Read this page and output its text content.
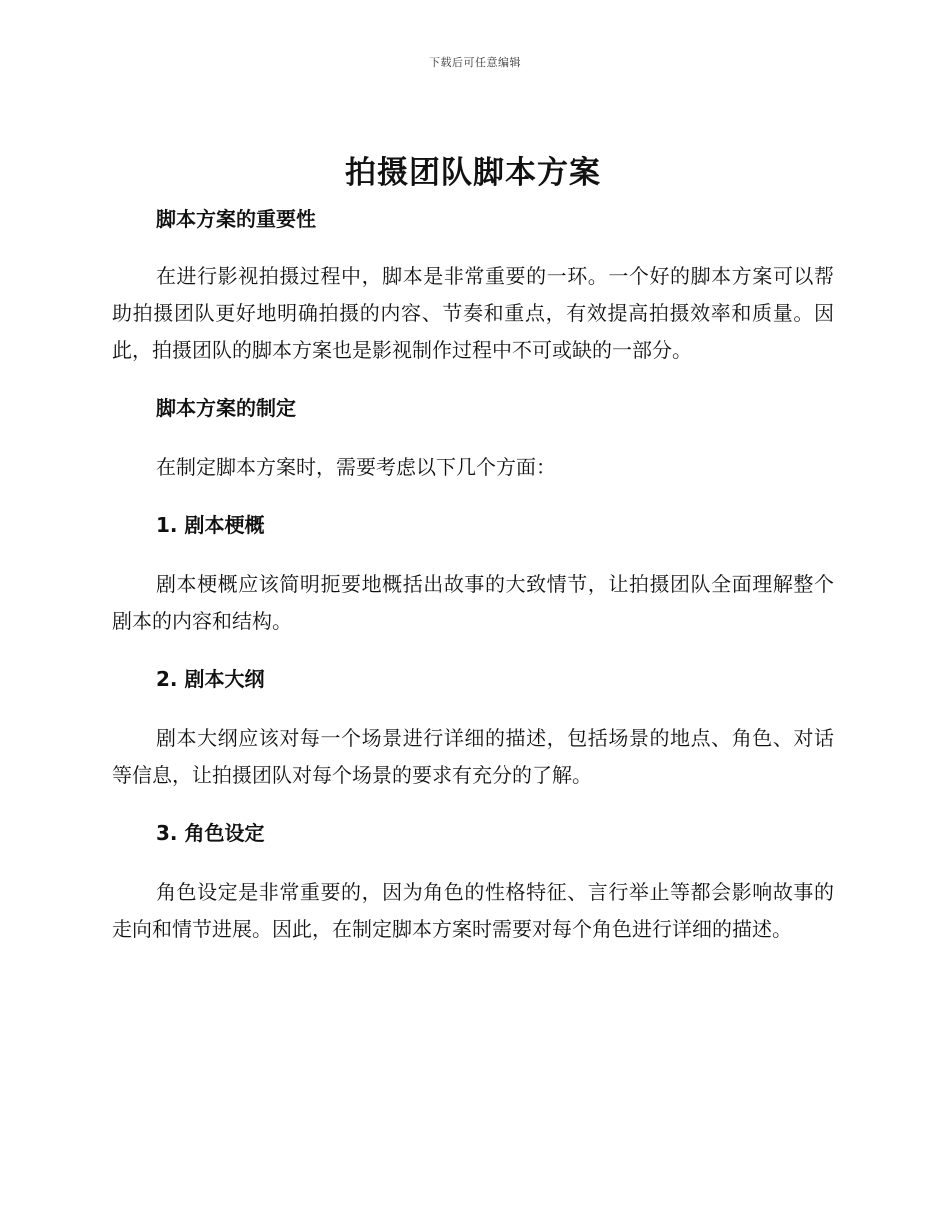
下载后可任意编辑
拍摄团队脚本方案
脚本方案的重要性

在进行影视拍摄过程中，脚本是非常重要的一环。一个好的脚本方案可以帮助拍摄团队更好地明确拍摄的内容、节奏和重点，有效提高拍摄效率和质量。因此，拍摄团队的脚本方案也是影视制作过程中不可或缺的一部分。

脚本方案的制定

在制定脚本方案时，需要考虑以下几个方面：

1. 剧本梗概

剧本梗概应该简明扼要地概括出故事的大致情节，让拍摄团队全面理解整个剧本的内容和结构。

2. 剧本大纲

剧本大纲应该对每一个场景进行详细的描述，包括场景的地点、角色、对话等信息，让拍摄团队对每个场景的要求有充分的了解。

3. 角色设定

角色设定是非常重要的，因为角色的性格特征、言行举止等都会影响故事的走向和情节进展。因此，在制定脚本方案时需要对每个角色进行详细的描述。
